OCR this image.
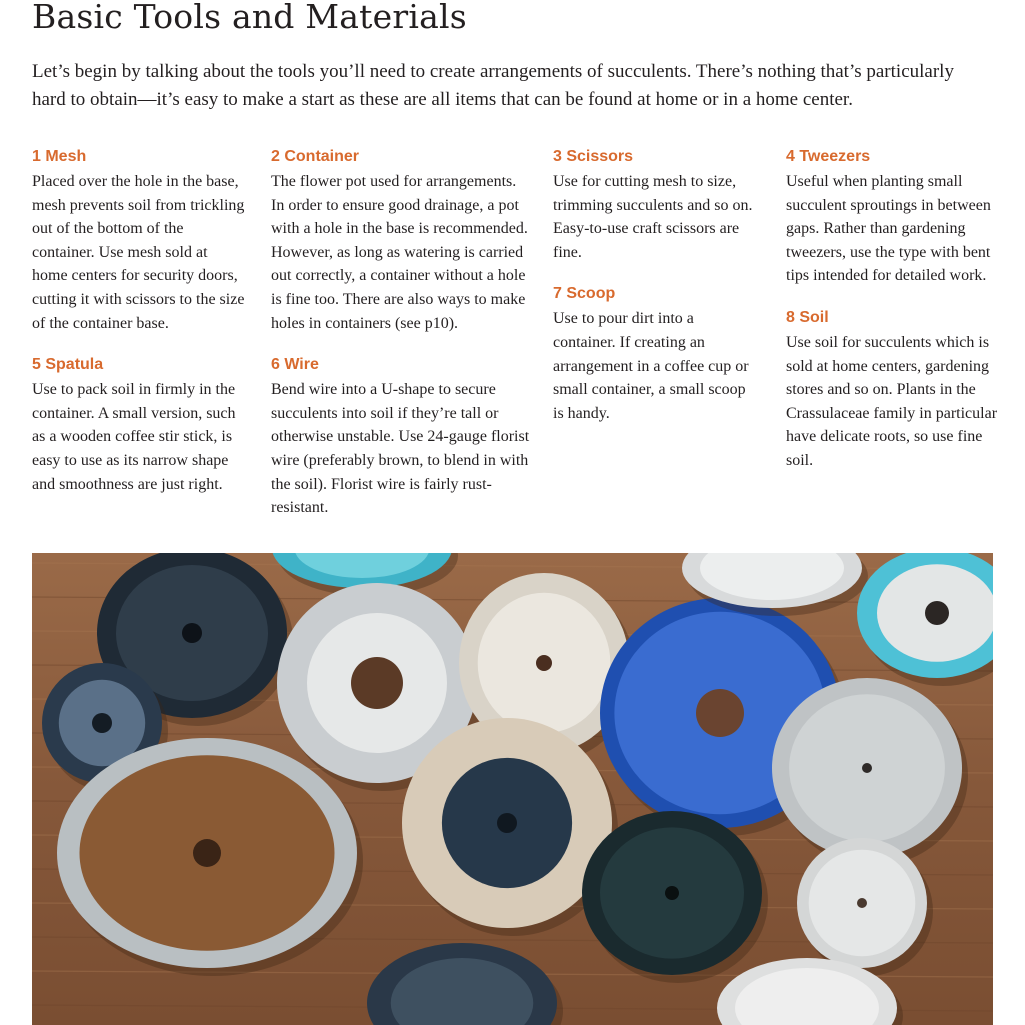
Basic Tools and Materials

Let’s begin by talking about the tools you’ll need to create arrangements of succulents. There’s nothing that’s particularly hard to obtain—it’s easy to make a start as these are all items that can be found at home or in a home center.

1 Mesh

Placed over the hole in the base, mesh prevents soil from trickling out of the bottom of the container. Use mesh sold at home centers for security doors, cutting it with scissors to the size of the container base.

5 Spatula

Use to pack soil in firmly in the container. A small version, such as a wooden coffee stir stick, is easy to use as its narrow shape and smoothness are just right.

2 Container

The flower pot used for arrangements. In order to ensure good drainage, a pot with a hole in the base is recommended. However, as long as watering is carried out correctly, a container without a hole is fine too. There are also ways to make holes in containers (see p10).

6 Wire

Bend wire into a U-shape to secure succulents into soil if they’re tall or otherwise unstable. Use 24-gauge florist wire (preferably brown, to blend in with the soil). Florist wire is fairly rust-resistant.

3 Scissors

Use for cutting mesh to size, trimming succulents and so on. Easy-to-use craft scissors are fine.

7 Scoop

Use to pour dirt into a container. If creating an arrangement in a coffee cup or small container, a small scoop is handy.

4 Tweezers

Useful when planting small succulent sproutings in between gaps. Rather than gardening tweezers, use the type with bent tips intended for detailed work.

8 Soil

Use soil for succulents which is sold at home centers, gardening stores and so on. Plants in the Crassulaceae family in particular have delicate roots, so use fine soil.
